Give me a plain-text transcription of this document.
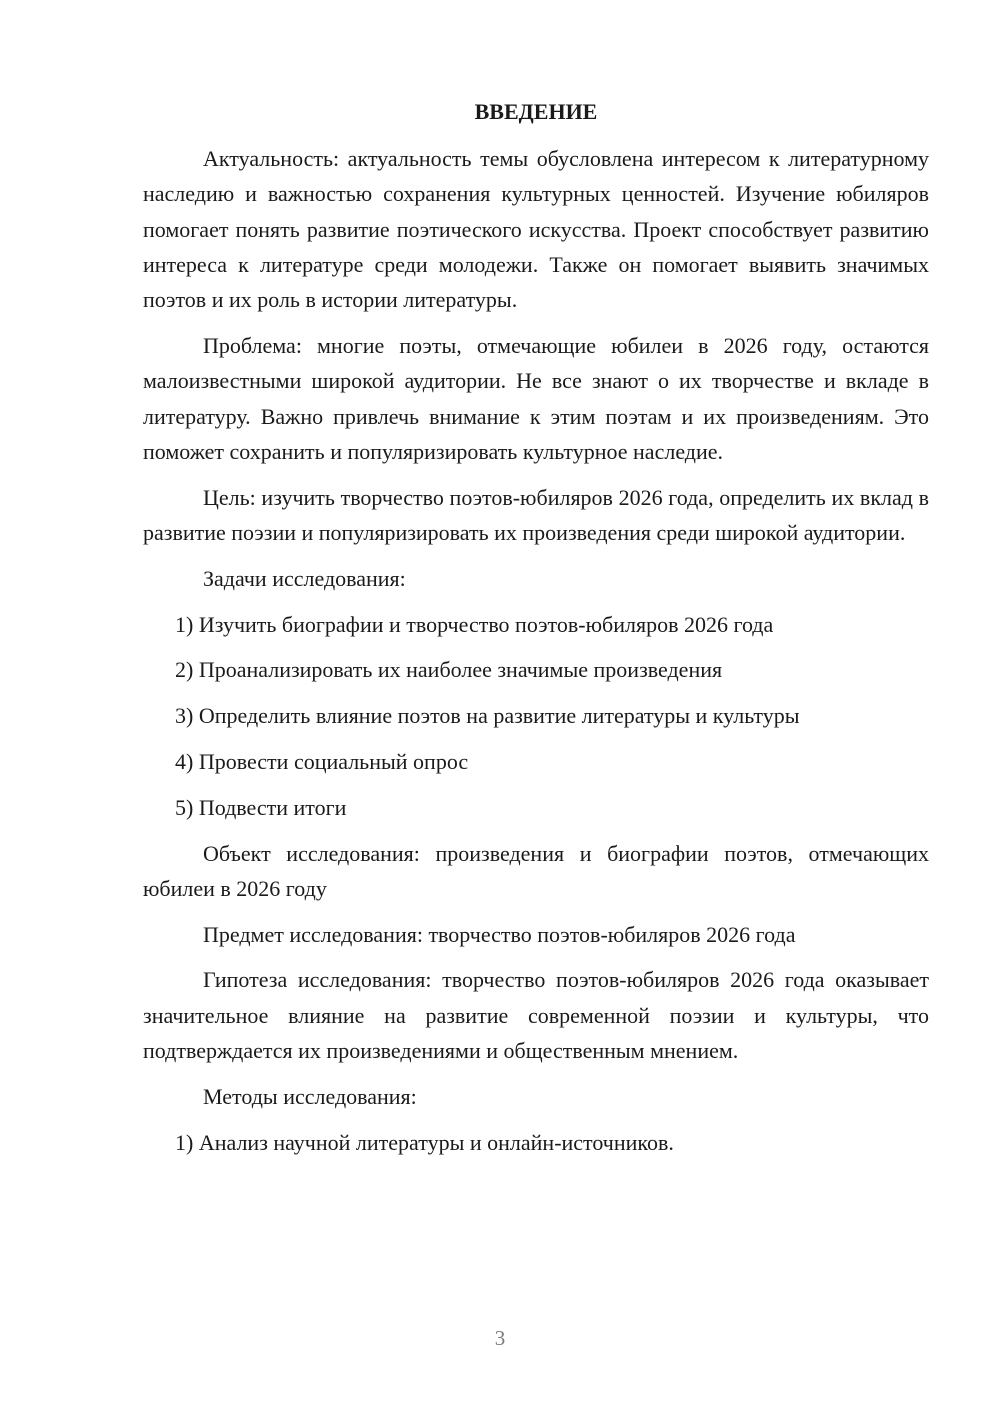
ВВЕДЕНИЕ
Актуальность: актуальность темы обусловлена интересом к литературному наследию и важностью сохранения культурных ценностей. Изучение юбиляров помогает понять развитие поэтического искусства. Проект способствует развитию интереса к литературе среди молодежи. Также он помогает выявить значимых поэтов и их роль в истории литературы.
Проблема: многие поэты, отмечающие юбилеи в 2026 году, остаются малоизвестными широкой аудитории. Не все знают о их творчестве и вкладе в литературу. Важно привлечь внимание к этим поэтам и их произведениям. Это поможет сохранить и популяризировать культурное наследие.
Цель: изучить творчество поэтов-юбиляров 2026 года, определить их вклад в развитие поэзии и популяризировать их произведения среди широкой аудитории.
Задачи исследования:
1) Изучить биографии и творчество поэтов-юбиляров 2026 года
2) Проанализировать их наиболее значимые произведения
3) Определить влияние поэтов на развитие литературы и культуры
4) Провести социальный опрос
5) Подвести итоги
Объект исследования: произведения и биографии поэтов, отмечающих юбилеи в 2026 году
Предмет исследования: творчество поэтов-юбиляров 2026 года
Гипотеза исследования: творчество поэтов-юбиляров 2026 года оказывает значительное влияние на развитие современной поэзии и культуры, что подтверждается их произведениями и общественным мнением.
Методы исследования:
1) Анализ научной литературы и онлайн-источников.
3
